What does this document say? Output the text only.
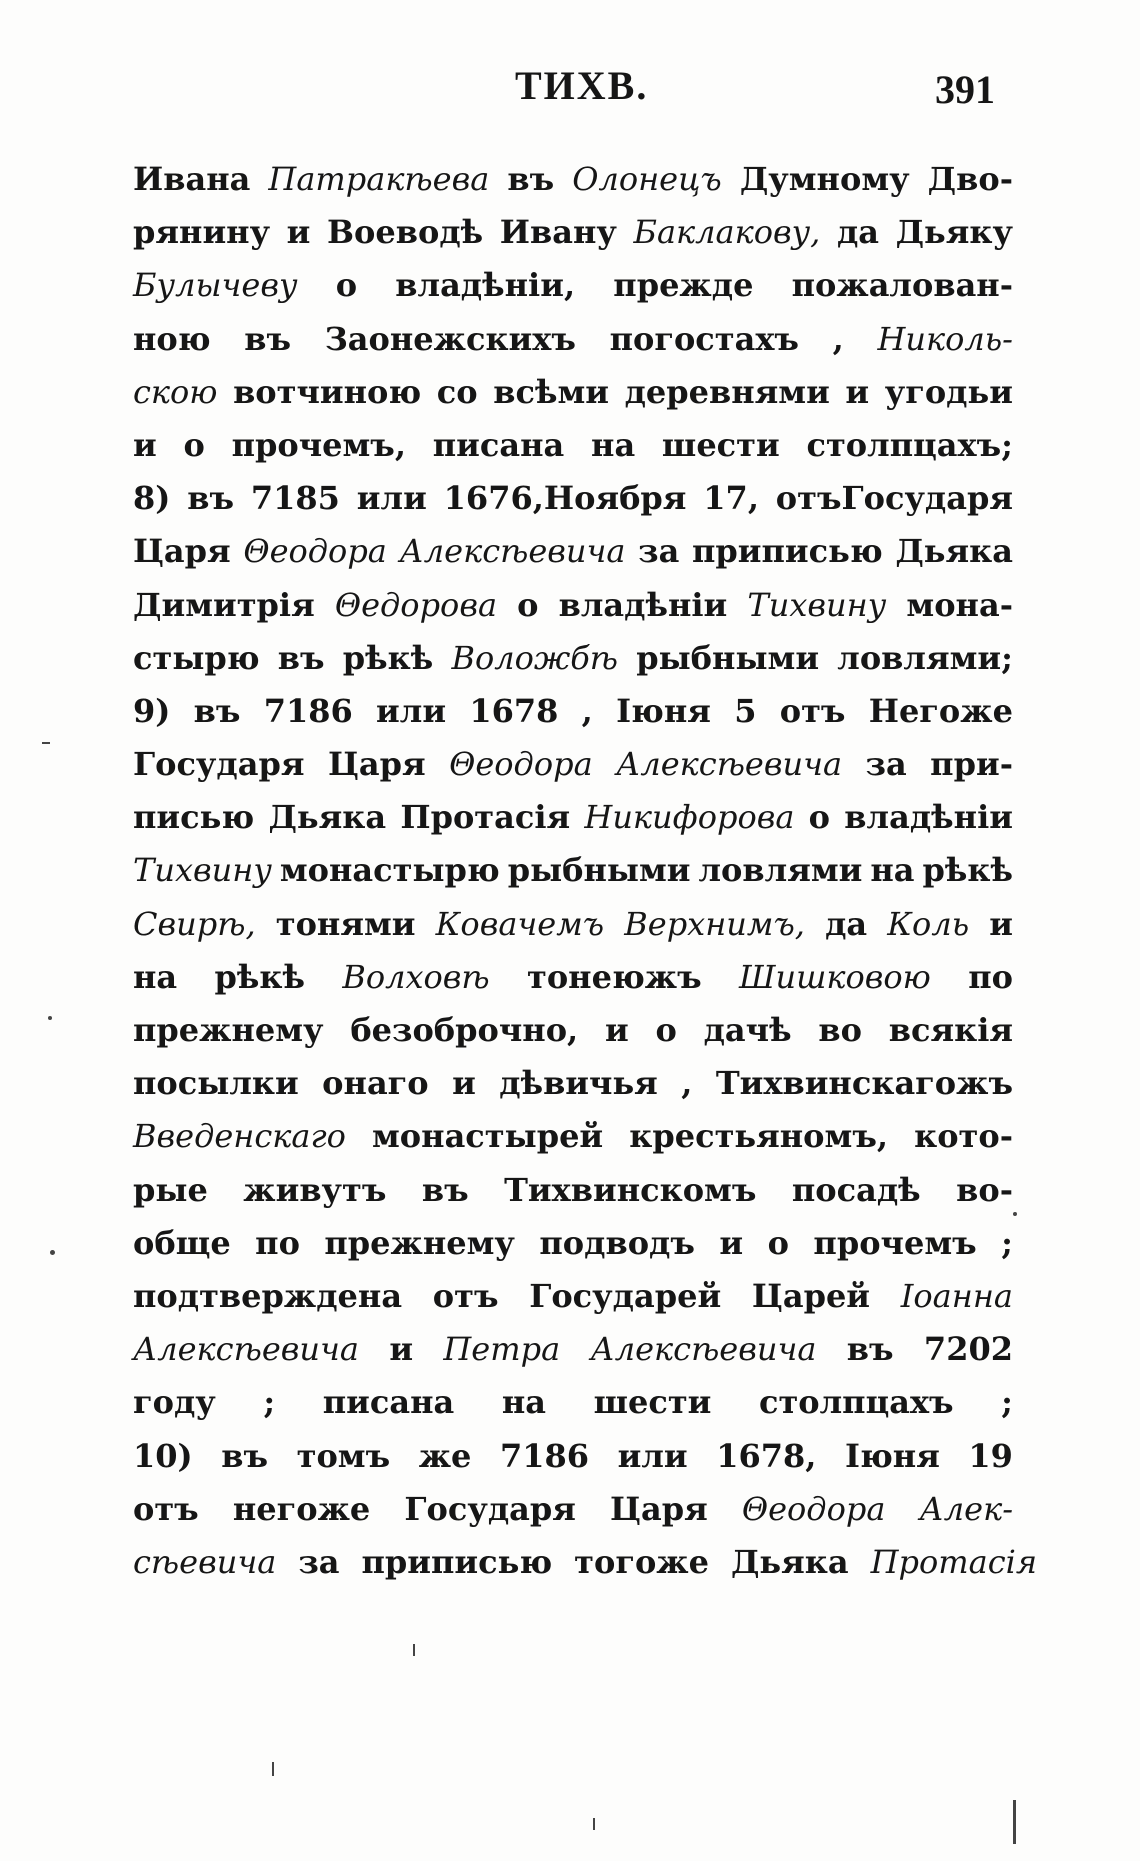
ТИХВ.	391
Ивана Патракѣева въ Олонецъ Думному Дво-
рянину и Воеводѣ Ивану Баклакову, да Дьяку
Булычеву о владѣніи, прежде пожалован-
ною въ Заонежскихъ погостахъ , Николь-
скою вотчиною со всѣми деревнями и угодьи
и о прочемъ, писана на шести столпцахъ;
8) въ 7185 или 1676,Ноября 17, отъГосударя
Царя Θеодора Алексѣевича за приписью Дьяка
Димитрія Θедорова о владѣніи Тихвину мона-
стырю въ рѣкѣ Воложбѣ рыбными ловлями;
9) въ 7186 или 1678 , Іюня 5 отъ Негоже
Государя Царя Θеодора Алексѣевича за при-
писью Дьяка Протасія Никифорова о владѣніи
Тихвину монастырю рыбными ловлями на рѣкѣ
Свирѣ, тонями Ковачемъ Верхнимъ, да Коль и
на рѣкѣ Волховѣ тонеюжъ Шишковою по
прежнему безоброчно, и о дачѣ во всякія
посылки онаго и дѣвичья , Тихвинскагожъ
Введенскаго монастырей крестьяномъ, кото-
рые живутъ въ Тихвинскомъ посадѣ во-
обще по прежнему подводъ и о прочемъ ;
подтверждена отъ Государей Царей Іоанна
Алексѣевича и Петра Алексѣевича въ 7202
году ; писана на шести столпцахъ ;
10) въ томъ же 7186 или 1678, Іюня 19
отъ негоже Государя Царя Θеодора Алек-
сѣевича за приписью тогоже Дьяка Протасія
